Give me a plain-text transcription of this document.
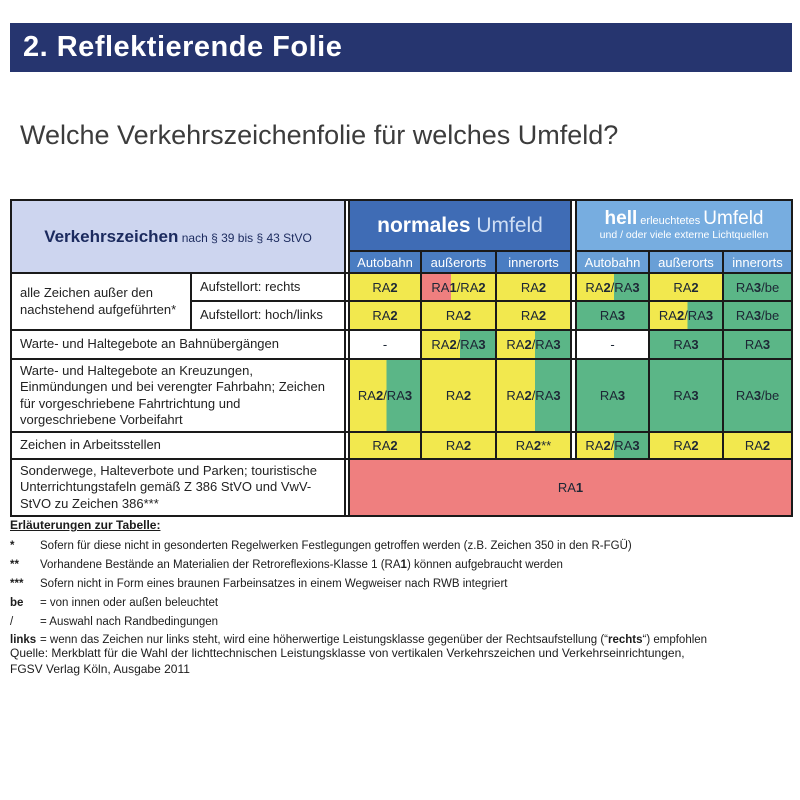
2. Reflektierende Folie
Welche Verkehrszeichenfolie für welches Umfeld?
Verkehrszeichen nach § 39 bis § 43 StVO			normales Umfeld				hell erleuchtetes Umfeld
und / oder viele externe Lichtquellen		

			Autobahn	außerorts	innerorts		Autobahn	außerorts	innerorts
alle Zeichen außer den nachstehend aufgeführten*	Aufstellort: rechts		RA2	RA1/RA2	RA2		RA2/RA3	RA2	RA3/be
	Aufstellort: hoch/links		RA2	RA2	RA2		RA3	RA2/RA3	RA3/be
Warte- und Haltegebote an Bahnübergängen			-	RA2/RA3	RA2/RA3		-	RA3	RA3
Warte- und Haltegebote an Kreuzungen, Einmündungen und bei verengter Fahrbahn; Zeichen für vorgeschriebene Fahrtrichtung und vorgeschriebene Vorbeifahrt			RA2/RA3	RA2	RA2/RA3		RA3	RA3	RA3/be
Zeichen in Arbeitsstellen			RA2	RA2	RA2**		RA2/RA3	RA2	RA2
Sonderwege, Halteverbote und Parken; touristische Unterrichtungstafeln gemäß Z 386 StVO und VwV-StVO zu Zeichen 386***			RA1						
Erläuterungen zur Tabelle:
*	Sofern für diese nicht in gesonderten Regelwerken Festlegungen getroffen werden (z.B. Zeichen 350 in den R-FGÜ)
**	Vorhandene Bestände an Materialien der Retroreflexions-Klasse 1 (RA1) können aufgebraucht werden
***	Sofern nicht in Form eines braunen Farbeinsatzes in einem Wegweiser nach RWB integriert
be	= von innen oder außen beleuchtet
/	= Auswahl nach Randbedingungen
links = wenn das Zeichen nur links steht, wird eine höherwertige Leistungsklasse gegenüber der Rechtsaufstellung (“rechts“) empfohlen
Quelle: Merkblatt für die Wahl der lichttechnischen Leistungsklasse von vertikalen Verkehrszeichen und Verkehrseinrichtungen,
FGSV Verlag Köln, Ausgabe 2011
